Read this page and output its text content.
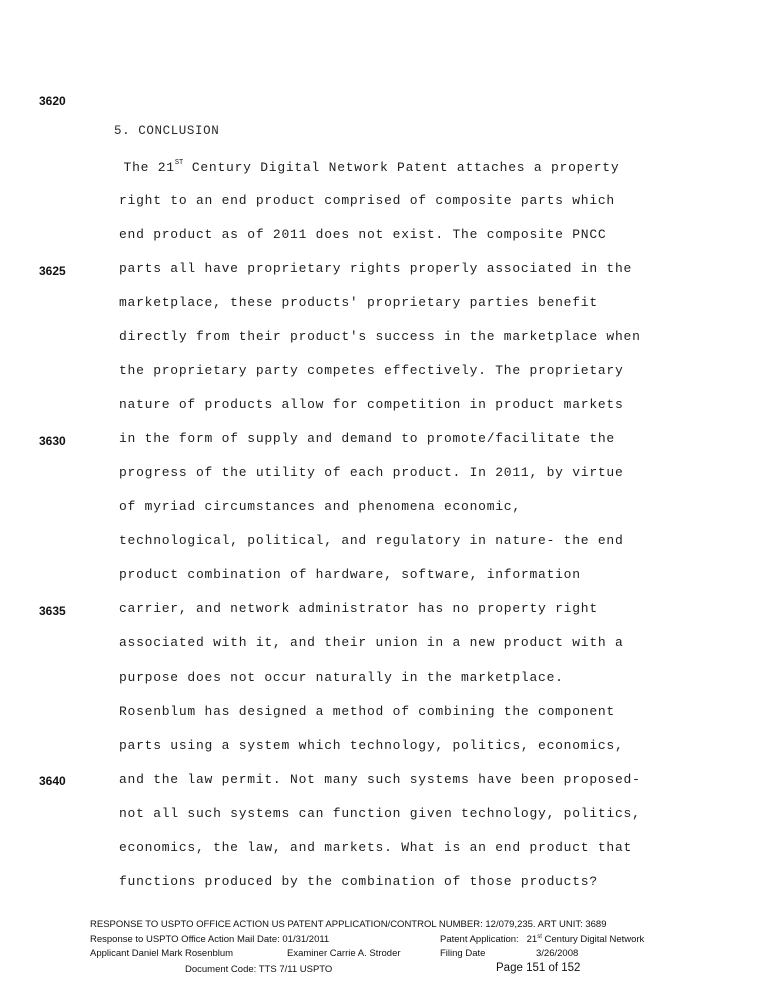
3620
3625
3630
3635
3640
5. CONCLUSION
The 21ST Century Digital Network Patent attaches a property
right to an end product comprised of composite parts which
end product as of 2011 does not exist. The composite PNCC
parts all have proprietary rights properly associated in the
marketplace, these products' proprietary parties benefit
directly from their product's success in the marketplace when
the proprietary party competes effectively. The proprietary
nature of products allow for competition in product markets
in the form of supply and demand to promote/facilitate the
progress of the utility of each product. In 2011, by virtue
of myriad circumstances and phenomena economic,
technological, political, and regulatory in nature- the end
product combination of hardware, software, information
carrier, and network administrator has no property right
associated with it, and their union in a new product with a
purpose does not occur naturally in the marketplace.
Rosenblum has designed a method of combining the component
parts using a system which technology, politics, economics,
and the law permit. Not many such systems have been proposed-
not all such systems can function given technology, politics,
economics, the law, and markets. What is an end product that
functions produced by the combination of those products?
RESPONSE TO USPTO OFFICE ACTION US PATENT APPLICATION/CONTROL NUMBER: 12/079,235. ART UNIT: 3689
Response to USPTO Office Action Mail Date: 01/31/2011	Patent Application: 21st Century Digital Network
Applicant Daniel Mark Rosenblum	Examiner Carrie A. Stroder	Filing Date	3/26/2008
Document Code: TTS 7/11 USPTO	Page 151 of 152
